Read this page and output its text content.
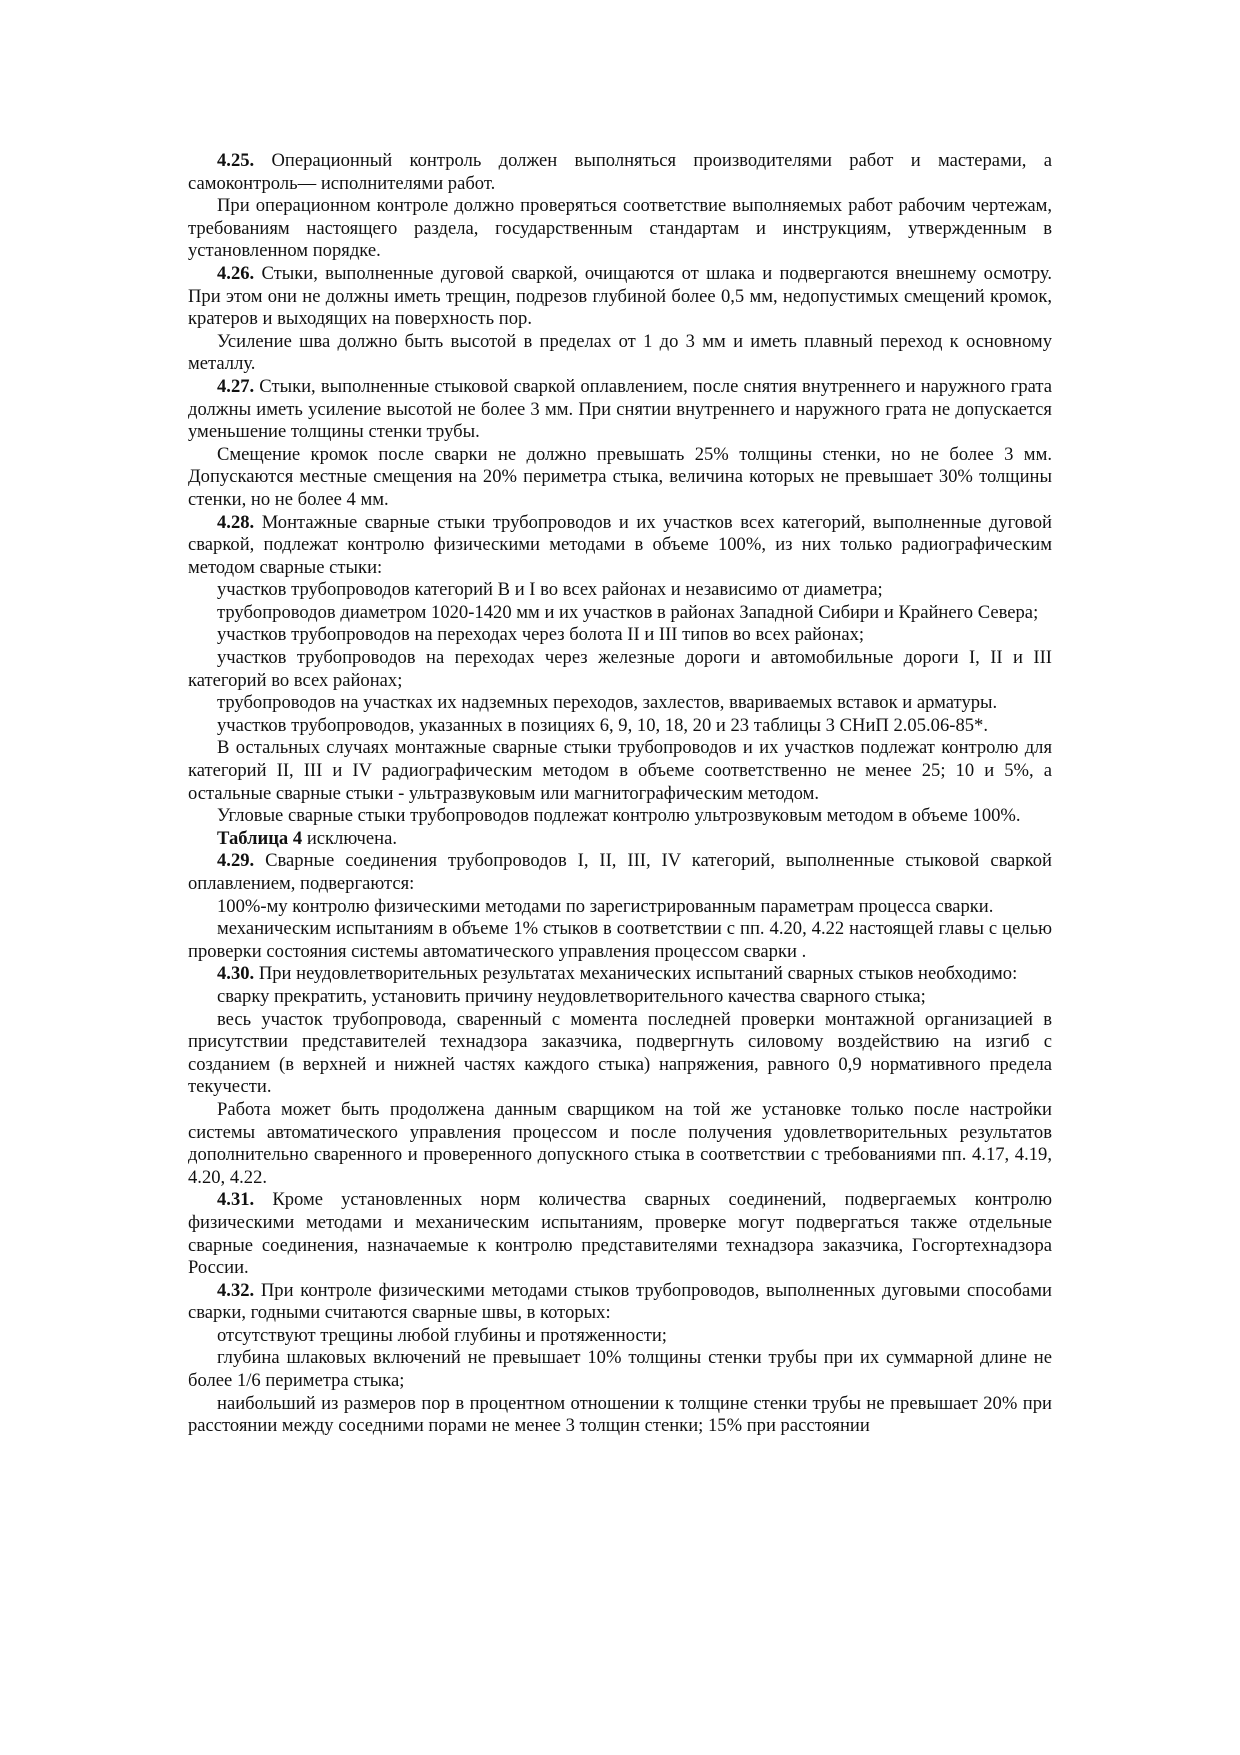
4.25. Операционный контроль должен выполняться производителями работ и мастерами, а самоконтроль— исполнителями работ.

При операционном контроле должно проверяться соответствие выполняемых работ рабочим чертежам, требованиям настоящего раздела, государственным стандартам и инструкциям, утвержденным в установленном порядке.

4.26. Стыки, выполненные дуговой сваркой, очищаются от шлака и подвергаются внешнему осмотру. При этом они не должны иметь трещин, подрезов глубиной более 0,5 мм, недопустимых смещений кромок, кратеров и выходящих на поверхность пор.

Усиление шва должно быть высотой в пределах от 1 до 3 мм и иметь плавный переход к основному металлу.

4.27. Стыки, выполненные стыковой сваркой оплавлением, после снятия внутреннего и наружного грата должны иметь усиление высотой не более 3 мм. При снятии внутреннего и наружного грата не допускается уменьшение толщины стенки трубы.

Смещение кромок после сварки не должно превышать 25% толщины стенки, но не более 3 мм. Допускаются местные смещения на 20% периметра стыка, величина которых не превышает 30% толщины стенки, но не более 4 мм.

4.28. Монтажные сварные стыки трубопроводов и их участков всех категорий, выполненные дуговой сваркой, подлежат контролю физическими методами в объеме 100%, из них только радиографическим методом сварные стыки:

участков трубопроводов категорий В и I во всех районах и независимо от диаметра;

трубопроводов диаметром 1020-1420 мм и их участков в районах Западной Сибири и Крайнего Севера;

участков трубопроводов на переходах через болота II и III типов во всех районах;

участков трубопроводов на переходах через железные дороги и автомобильные дороги I, II и III категорий во всех районах;

трубопроводов на участках их надземных переходов, захлестов, ввариваемых вставок и арматуры.

участков трубопроводов, указанных в позициях 6, 9, 10, 18, 20 и 23 таблицы 3 СНиП 2.05.06-85*.

В остальных случаях монтажные сварные стыки трубопроводов и их участков подлежат контролю для категорий II, III и IV радиографическим методом в объеме соответственно не менее 25; 10 и 5%, а остальные сварные стыки - ультразвуковым или магнитографическим методом.

Угловые сварные стыки трубопроводов подлежат контролю ультрозвуковым методом в объеме 100%.

Таблица 4 исключена.

4.29. Сварные соединения трубопроводов I, II, III, IV категорий, выполненные стыковой сваркой оплавлением, подвергаются:

100%-му контролю физическими методами по зарегистрированным параметрам процесса сварки.

механическим испытаниям в объеме 1% стыков в соответствии с пп. 4.20, 4.22 настоящей главы с целью проверки состояния системы автоматического управления процессом сварки .

4.30. При неудовлетворительных результатах механических испытаний сварных стыков необходимо:

сварку прекратить, установить причину неудовлетворительного качества сварного стыка;

весь участок трубопровода, сваренный с момента последней проверки монтажной организацией в присутствии представителей технадзора заказчика, подвергнуть силовому воздействию на изгиб с созданием (в верхней и нижней частях каждого стыка) напряжения, равного 0,9 нормативного предела текучести.

Работа может быть продолжена данным сварщиком на той же установке только после настройки системы автоматического управления процессом и после получения удовлетворительных результатов дополнительно сваренного и проверенного допускного стыка в соответствии с требованиями пп. 4.17, 4.19, 4.20, 4.22.

4.31. Кроме установленных норм количества сварных соединений, подвергаемых контролю физическими методами и механическим испытаниям, проверке могут подвергаться также отдельные сварные соединения, назначаемые к контролю представителями технадзора заказчика, Госгортехнадзора России.

4.32. При контроле физическими методами стыков трубопроводов, выполненных дуговыми способами сварки, годными считаются сварные швы, в которых:

отсутствуют трещины любой глубины и протяженности;

глубина шлаковых включений не превышает 10% толщины стенки трубы при их суммарной длине не более 1/6 периметра стыка;

наибольший из размеров пор в процентном отношении к толщине стенки трубы не превышает 20% при расстоянии между соседними порами не менее 3 толщин стенки; 15% при расстоянии
